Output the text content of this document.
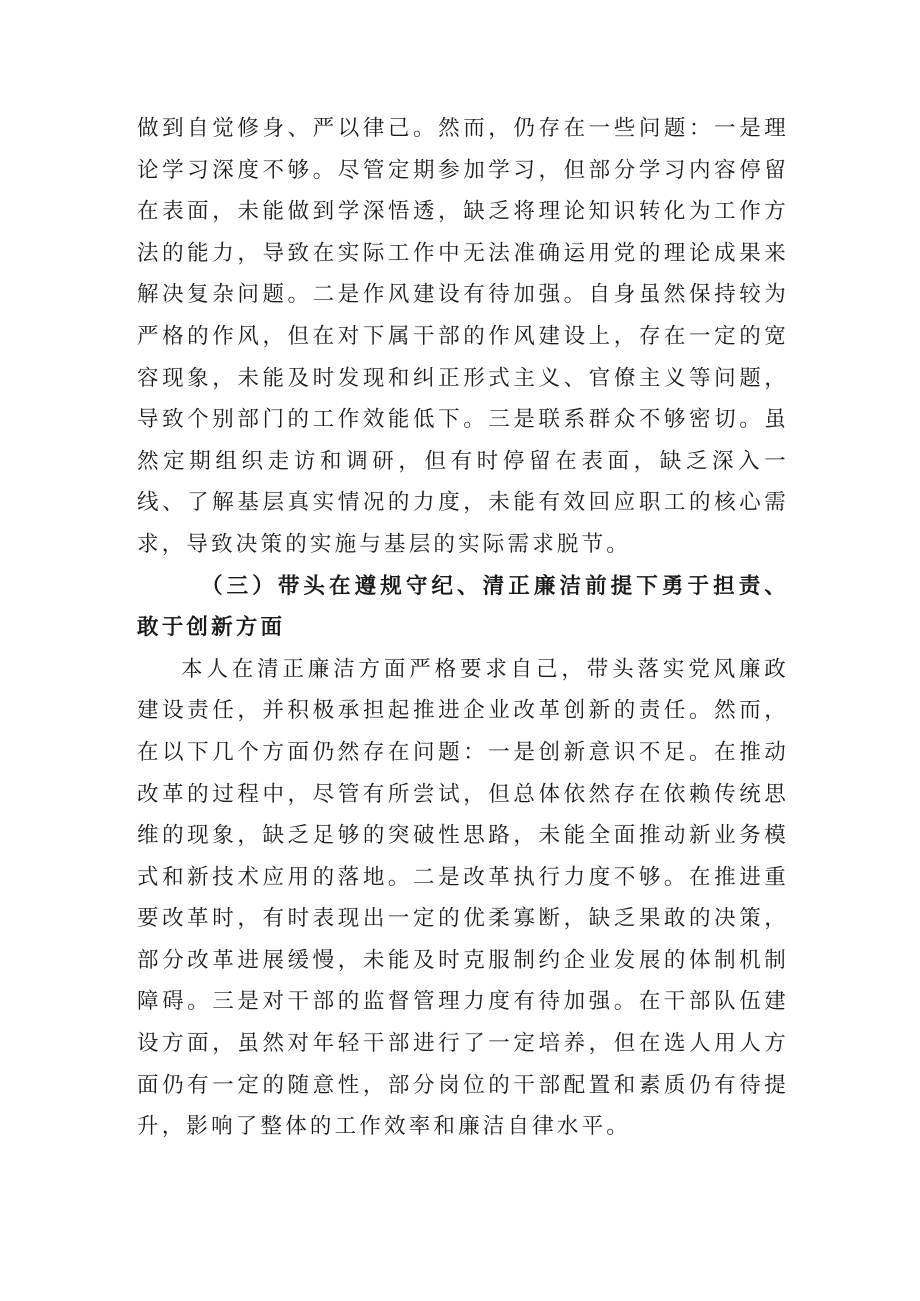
做到自觉修身、严以律己。然而，仍存在一些问题：一是理论学习深度不够。尽管定期参加学习，但部分学习内容停留在表面，未能做到学深悟透，缺乏将理论知识转化为工作方法的能力，导致在实际工作中无法准确运用党的理论成果来解决复杂问题。二是作风建设有待加强。自身虽然保持较为严格的作风，但在对下属干部的作风建设上，存在一定的宽容现象，未能及时发现和纠正形式主义、官僚主义等问题，导致个别部门的工作效能低下。三是联系群众不够密切。虽然定期组织走访和调研，但有时停留在表面，缺乏深入一线、了解基层真实情况的力度，未能有效回应职工的核心需求，导致决策的实施与基层的实际需求脱节。

（三）带头在遵规守纪、清正廉洁前提下勇于担责、敢于创新方面

本人在清正廉洁方面严格要求自己，带头落实党风廉政建设责任，并积极承担起推进企业改革创新的责任。然而，在以下几个方面仍然存在问题：一是创新意识不足。在推动改革的过程中，尽管有所尝试，但总体依然存在依赖传统思维的现象，缺乏足够的突破性思路，未能全面推动新业务模式和新技术应用的落地。二是改革执行力度不够。在推进重要改革时，有时表现出一定的优柔寡断，缺乏果敢的决策，部分改革进展缓慢，未能及时克服制约企业发展的体制机制障碍。三是对干部的监督管理力度有待加强。在干部队伍建设方面，虽然对年轻干部进行了一定培养，但在选人用人方面仍有一定的随意性，部分岗位的干部配置和素质仍有待提升，影响了整体的工作效率和廉洁自律水平。
